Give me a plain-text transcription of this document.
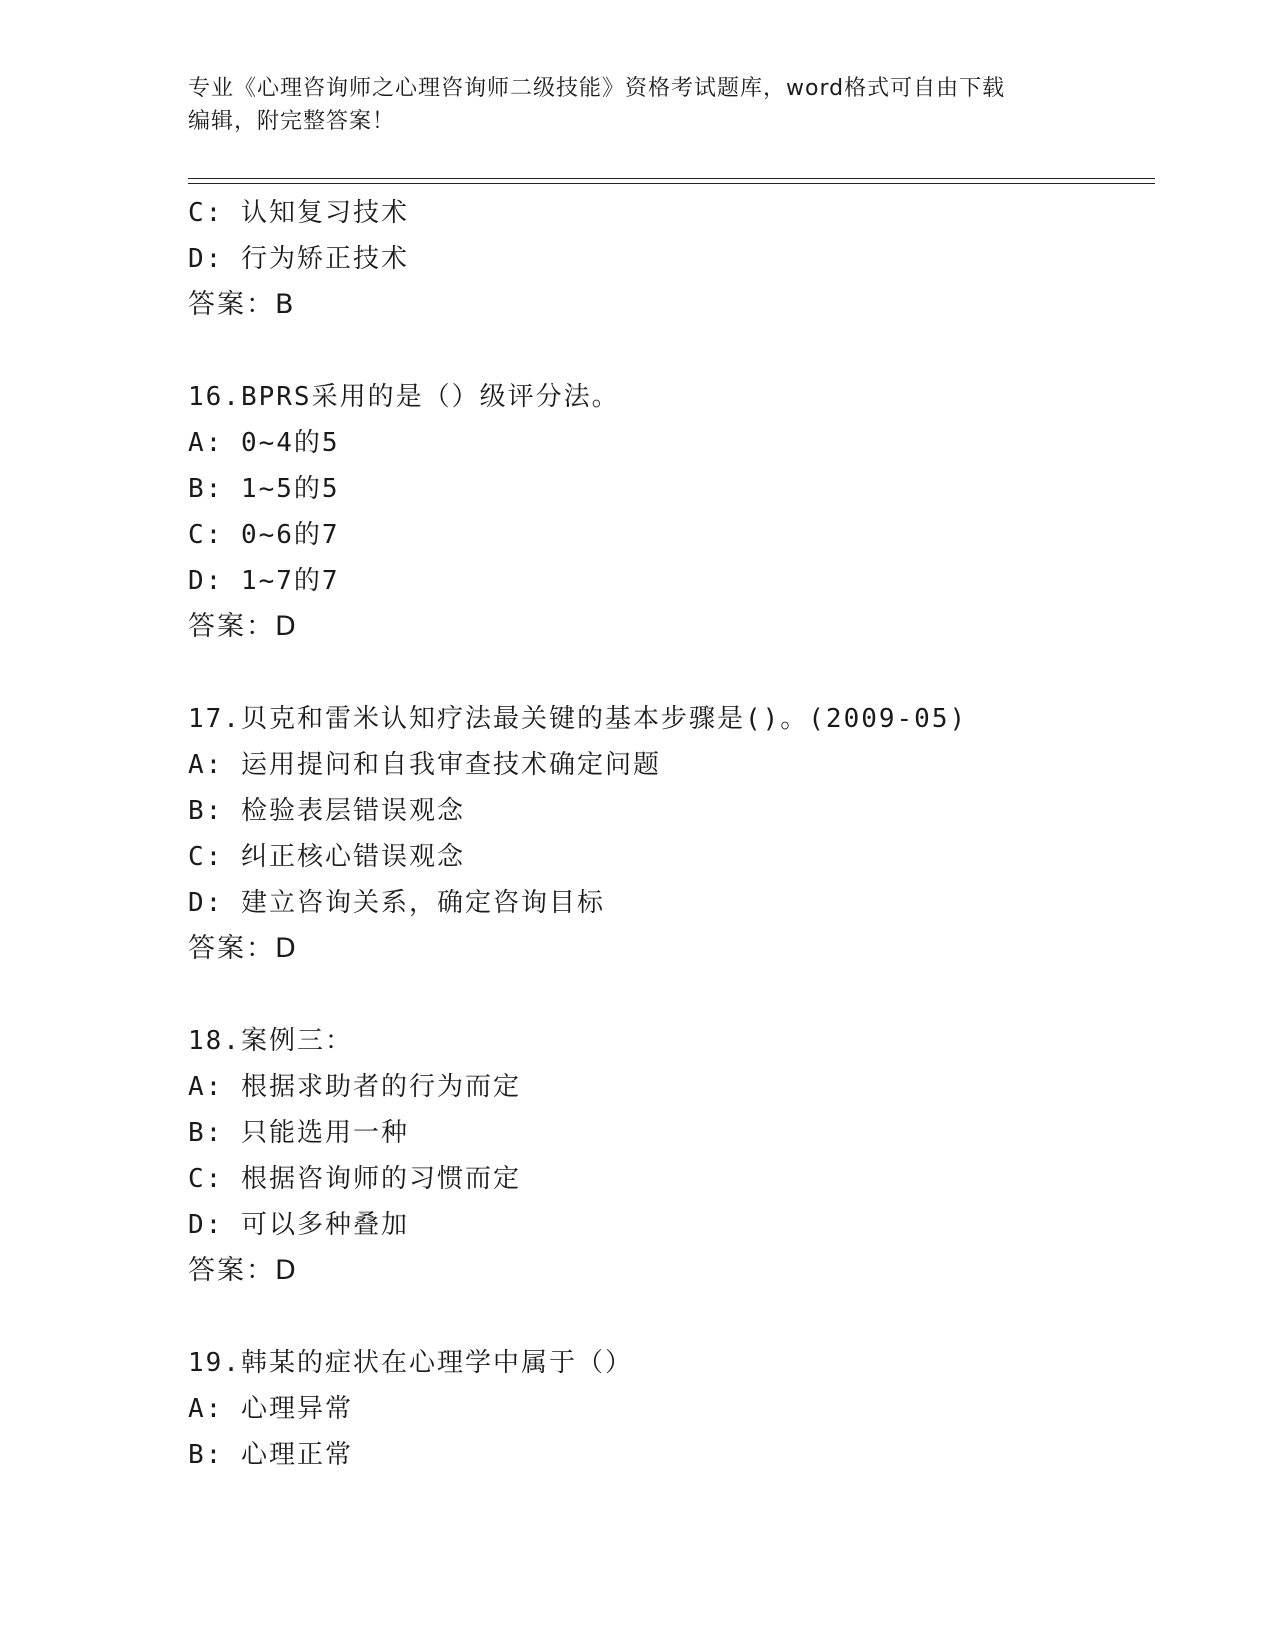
专业《心理咨询师之心理咨询师二级技能》资格考试题库，word格式可自由下载
编辑，附完整答案！
C : 认知复习技术
D : 行为矫正技术
答案：B
16.BPRS采用的是（）级评分法。
A : 0~4的5
B : 1~5的5
C : 0~6的7
D : 1~7的7
答案：D
17.贝克和雷米认知疗法最关键的基本步骤是()。(2009-05)
A : 运用提问和自我审查技术确定问题
B : 检验表层错误观念
C : 纠正核心错误观念
D : 建立咨询关系，确定咨询目标
答案：D
18.案例三：
A : 根据求助者的行为而定
B : 只能选用一种
C : 根据咨询师的习惯而定
D : 可以多种叠加
答案：D
19.韩某的症状在心理学中属于（）
A : 心理异常
B : 心理正常
